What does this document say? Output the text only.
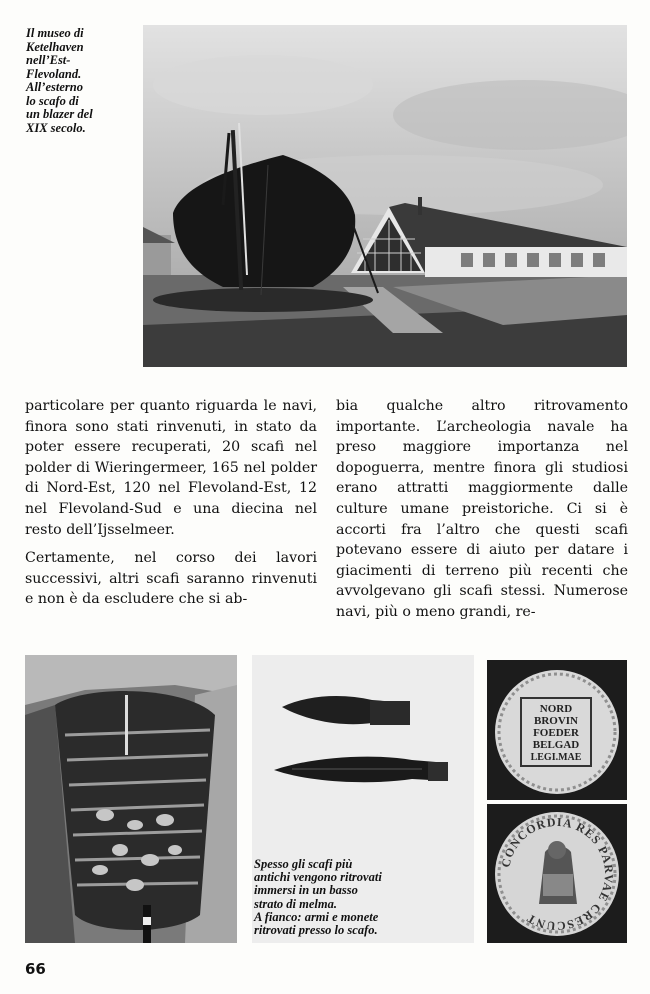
Il museo di
Ketelhaven
nell’Est-
Flevoland.
All’esterno
lo scafo di
un blazer del
XIX secolo.

particolare per quanto riguarda le navi, finora sono stati rinvenuti, in stato da poter essere recuperati, 20 scafi nel polder di Wieringermeer, 165 nel polder di Nord-Est, 120 nel Flevoland-Est, 12 nel Flevoland-Sud e una diecina nel resto dell’Ijsselmeer.

Certamente, nel corso dei lavori successivi, altri scafi saranno rinvenuti e non è da escludere che si ab-

bia qualche altro ritrovamento importante. L’archeologia navale ha preso maggiore importanza nel dopoguerra, mentre finora gli studiosi erano attratti maggiormente dalle culture umane preistoriche. Ci si è accorti fra l’altro che questi scafi potevano essere di aiuto per datare i giacimenti di terreno più recenti che avvolgevano gli scafi stessi. Numerose navi, più o meno grandi, re-

Spesso gli scafi più
antichi vengono ritrovati
immersi in un basso
strato di melma.
A fianco: armi e monete
ritrovati presso lo scafo.

NORD
BROVIN
FOEDER
BELGAD
LEGI.MAE
CONCORDIA RES PARVAE CRESCUNT
66
